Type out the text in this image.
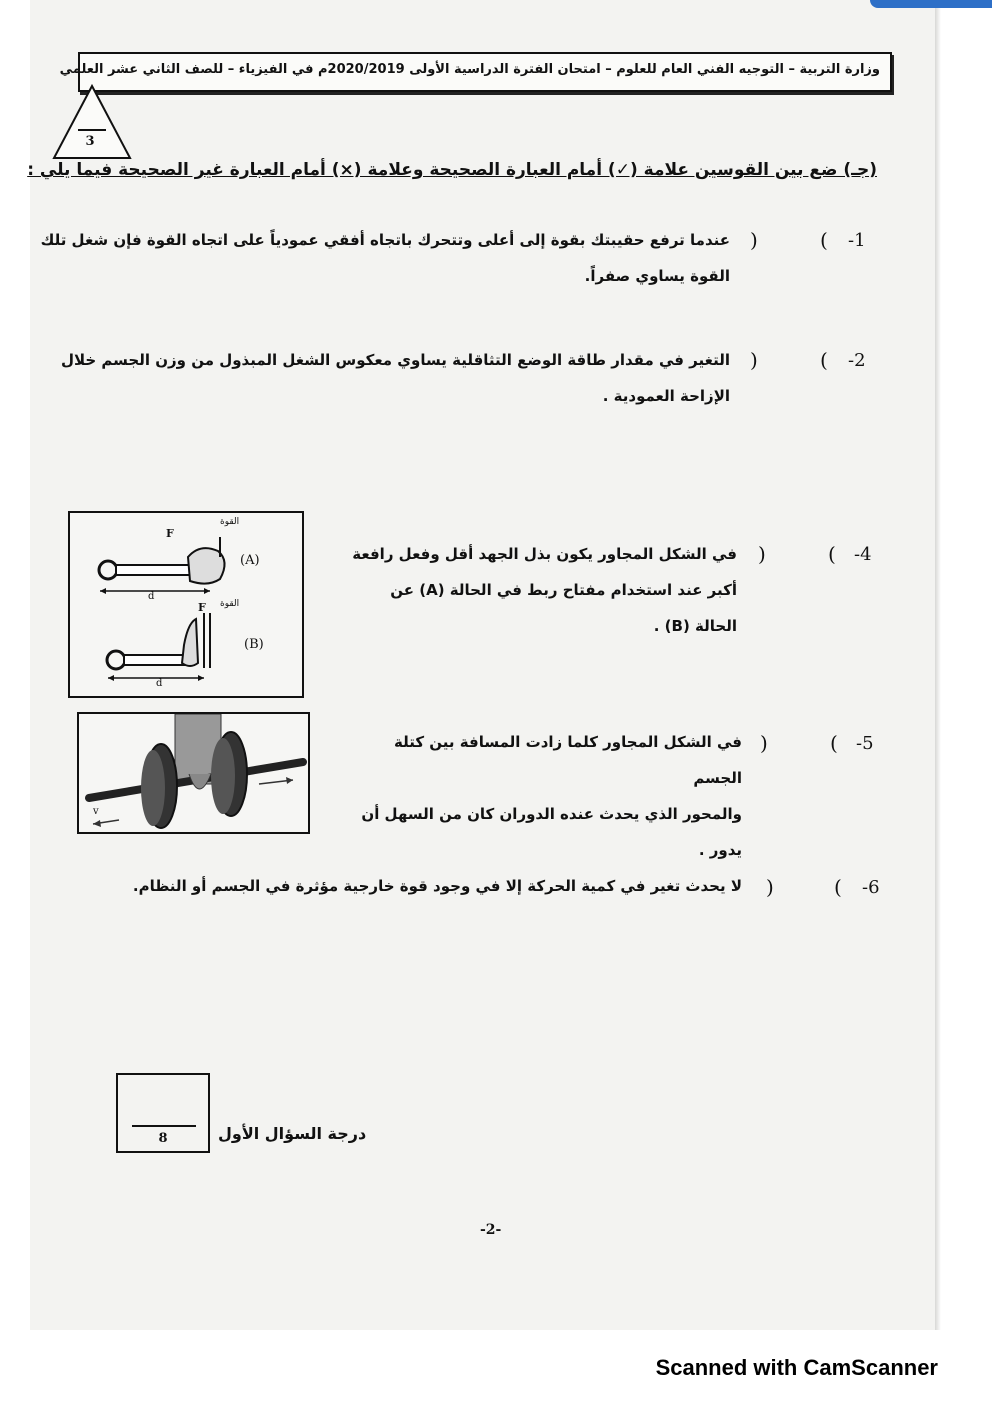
وزارة التربية – التوجيه الفني العام للعلوم – امتحان الفترة الدراسية الأولى 2020/2019م في الفيزياء – للصف الثاني عشر العلمي
3
(جـ) ضع بين القوسين علامة (✓) أمام العبارة الصحيحة وعلامة (×) أمام العبارة غير الصحيحة فيما يلي :
-1
(
)
عندما ترفع حقيبتك بقوة إلى أعلى وتتحرك باتجاه أفقي عمودياً على اتجاه القوة فإن شغل تلك
القوة يساوي صفراً.
-2
(
)
التغير في مقدار طاقة الوضع التثاقلية يساوي معكوس الشغل المبذول من وزن الجسم خلال
الإزاحة العمودية .
-4
(
)
في الشكل المجاور يكون بذل الجهد أقل وفعل رافعة
أكبر عند استخدام مفتاح ربط في الحالة (A) عن
الحالة (B) .
F
القوة
(A)
d
F القوة
(B)
d
-5
(
)
في الشكل المجاور كلما زادت المسافة بين كتلة الجسم
والمحور الذي يحدث عنده الدوران كان من السهل أن
يدور .
v
-6
(
)
لا يحدث تغير في كمية الحركة إلا في وجود قوة خارجية مؤثرة في الجسم أو النظام.
8	درجة السؤال الأول
-2-
Scanned with CamScanner
